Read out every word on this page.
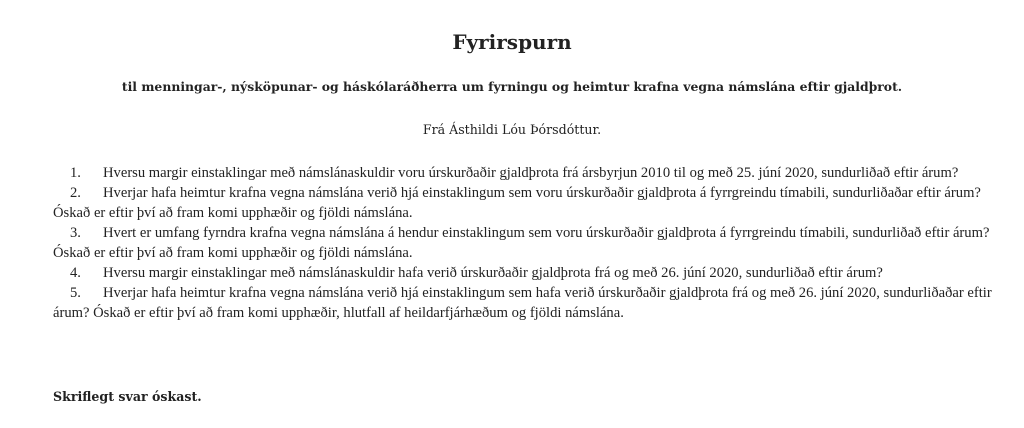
Fyrirspurn

til menningar-, nýsköpunar- og háskólaráðherra um fyrningu og heimtur krafna vegna námslána eftir gjaldþrot.

Frá Ásthildi Lóu Þórsdóttur.

1. Hversu margir einstaklingar með námslánaskuldir voru úrskurðaðir gjaldþrota frá ársbyrjun 2010 til og með 25. júní 2020, sundurliðað eftir árum?
2. Hverjar hafa heimtur krafna vegna námslána verið hjá einstaklingum sem voru úrskurðaðir gjaldþrota á fyrrgreindu tímabili, sundurliðaðar eftir árum? Óskað er eftir því að fram komi upphæðir og fjöldi námslána.
3. Hvert er umfang fyrndra krafna vegna námslána á hendur einstaklingum sem voru úrskurðaðir gjaldþrota á fyrrgreindu tímabili, sundurliðað eftir árum? Óskað er eftir því að fram komi upphæðir og fjöldi námslána.
4. Hversu margir einstaklingar með námslánaskuldir hafa verið úrskurðaðir gjaldþrota frá og með 26. júní 2020, sundurliðað eftir árum?
5. Hverjar hafa heimtur krafna vegna námslána verið hjá einstaklingum sem hafa verið úrskurðaðir gjaldþrota frá og með 26. júní 2020, sundurliðaðar eftir árum? Óskað er eftir því að fram komi upphæðir, hlutfall af heildarfjárhæðum og fjöldi námslána.

Skriflegt svar óskast.
